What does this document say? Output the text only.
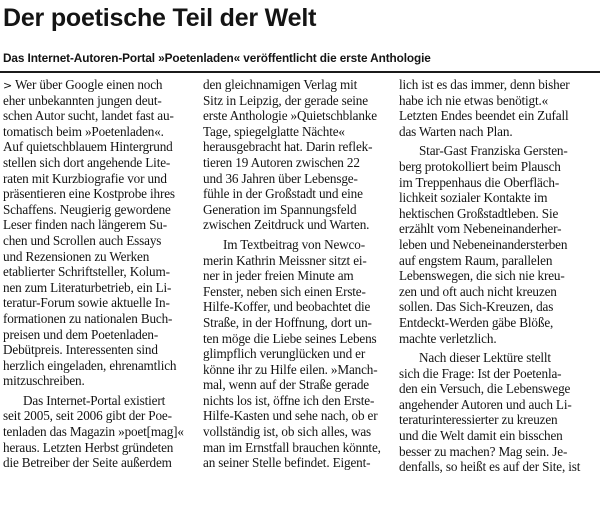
Der poetische Teil der Welt
Das Internet-Autoren-Portal »Poetenladen« veröffentlicht die erste Anthologie
> Wer über Google einen noch
eher unbekannten jungen deut-
schen Autor sucht, landet fast au-
tomatisch beim »Poetenladen«.
Auf quietschblauem Hintergrund
stellen sich dort angehende Lite-
raten mit Kurzbiografie vor und
präsentieren eine Kostprobe ihres
Schaffens. Neugierig gewordene
Leser finden nach längerem Su-
chen und Scrollen auch Essays
und Rezensionen zu Werken
etablierter Schriftsteller, Kolum-
nen zum Literaturbetrieb, ein Li-
teratur-Forum sowie aktuelle In-
formationen zu nationalen Buch-
preisen und dem Poetenladen-
Debütpreis. Interessenten sind
herzlich eingeladen, ehrenamtlich
mitzuschreiben.
Das Internet-Portal existiert
seit 2005, seit 2006 gibt der Poe-
tenladen das Magazin »poet[mag]«
heraus. Letzten Herbst gründeten
die Betreiber der Seite außerdem
den gleichnamigen Verlag mit
Sitz in Leipzig, der gerade seine
erste Anthologie »Quietschblanke
Tage, spiegelglatte Nächte«
herausgebracht hat. Darin reflek-
tieren 19 Autoren zwischen 22
und 36 Jahren über Lebensge-
fühle in der Großstadt und eine
Generation im Spannungsfeld
zwischen Zeitdruck und Warten.
Im Textbeitrag von Newco-
merin Kathrin Meissner sitzt ei-
ner in jeder freien Minute am
Fenster, neben sich einen Erste-
Hilfe-Koffer, und beobachtet die
Straße, in der Hoffnung, dort un-
ten möge die Liebe seines Lebens
glimpflich verunglücken und er
könne ihr zu Hilfe eilen. »Manch-
mal, wenn auf der Straße gerade
nichts los ist, öffne ich den Erste-
Hilfe-Kasten und sehe nach, ob er
vollständig ist, ob sich alles, was
man im Ernstfall brauchen könnte,
an seiner Stelle befindet. Eigent-
lich ist es das immer, denn bisher
habe ich nie etwas benötigt.«
Letzten Endes beendet ein Zufall
das Warten nach Plan.
Star-Gast Franziska Gersten-
berg protokolliert beim Plausch
im Treppenhaus die Oberfläch-
lichkeit sozialer Kontakte im
hektischen Großstadtleben. Sie
erzählt vom Nebeneinanderher-
leben und Nebeneinandersterben
auf engstem Raum, parallelen
Lebenswegen, die sich nie kreu-
zen und oft auch nicht kreuzen
sollen. Das Sich-Kreuzen, das
Entdeckt-Werden gäbe Blöße,
machte verletzlich.
Nach dieser Lektüre stellt
sich die Frage: Ist der Poetenla-
den ein Versuch, die Lebenswege
angehender Autoren und auch Li-
teraturinteressierter zu kreuzen
und die Welt damit ein bisschen
besser zu machen? Mag sein. Je-
denfalls, so heißt es auf der Site, ist
